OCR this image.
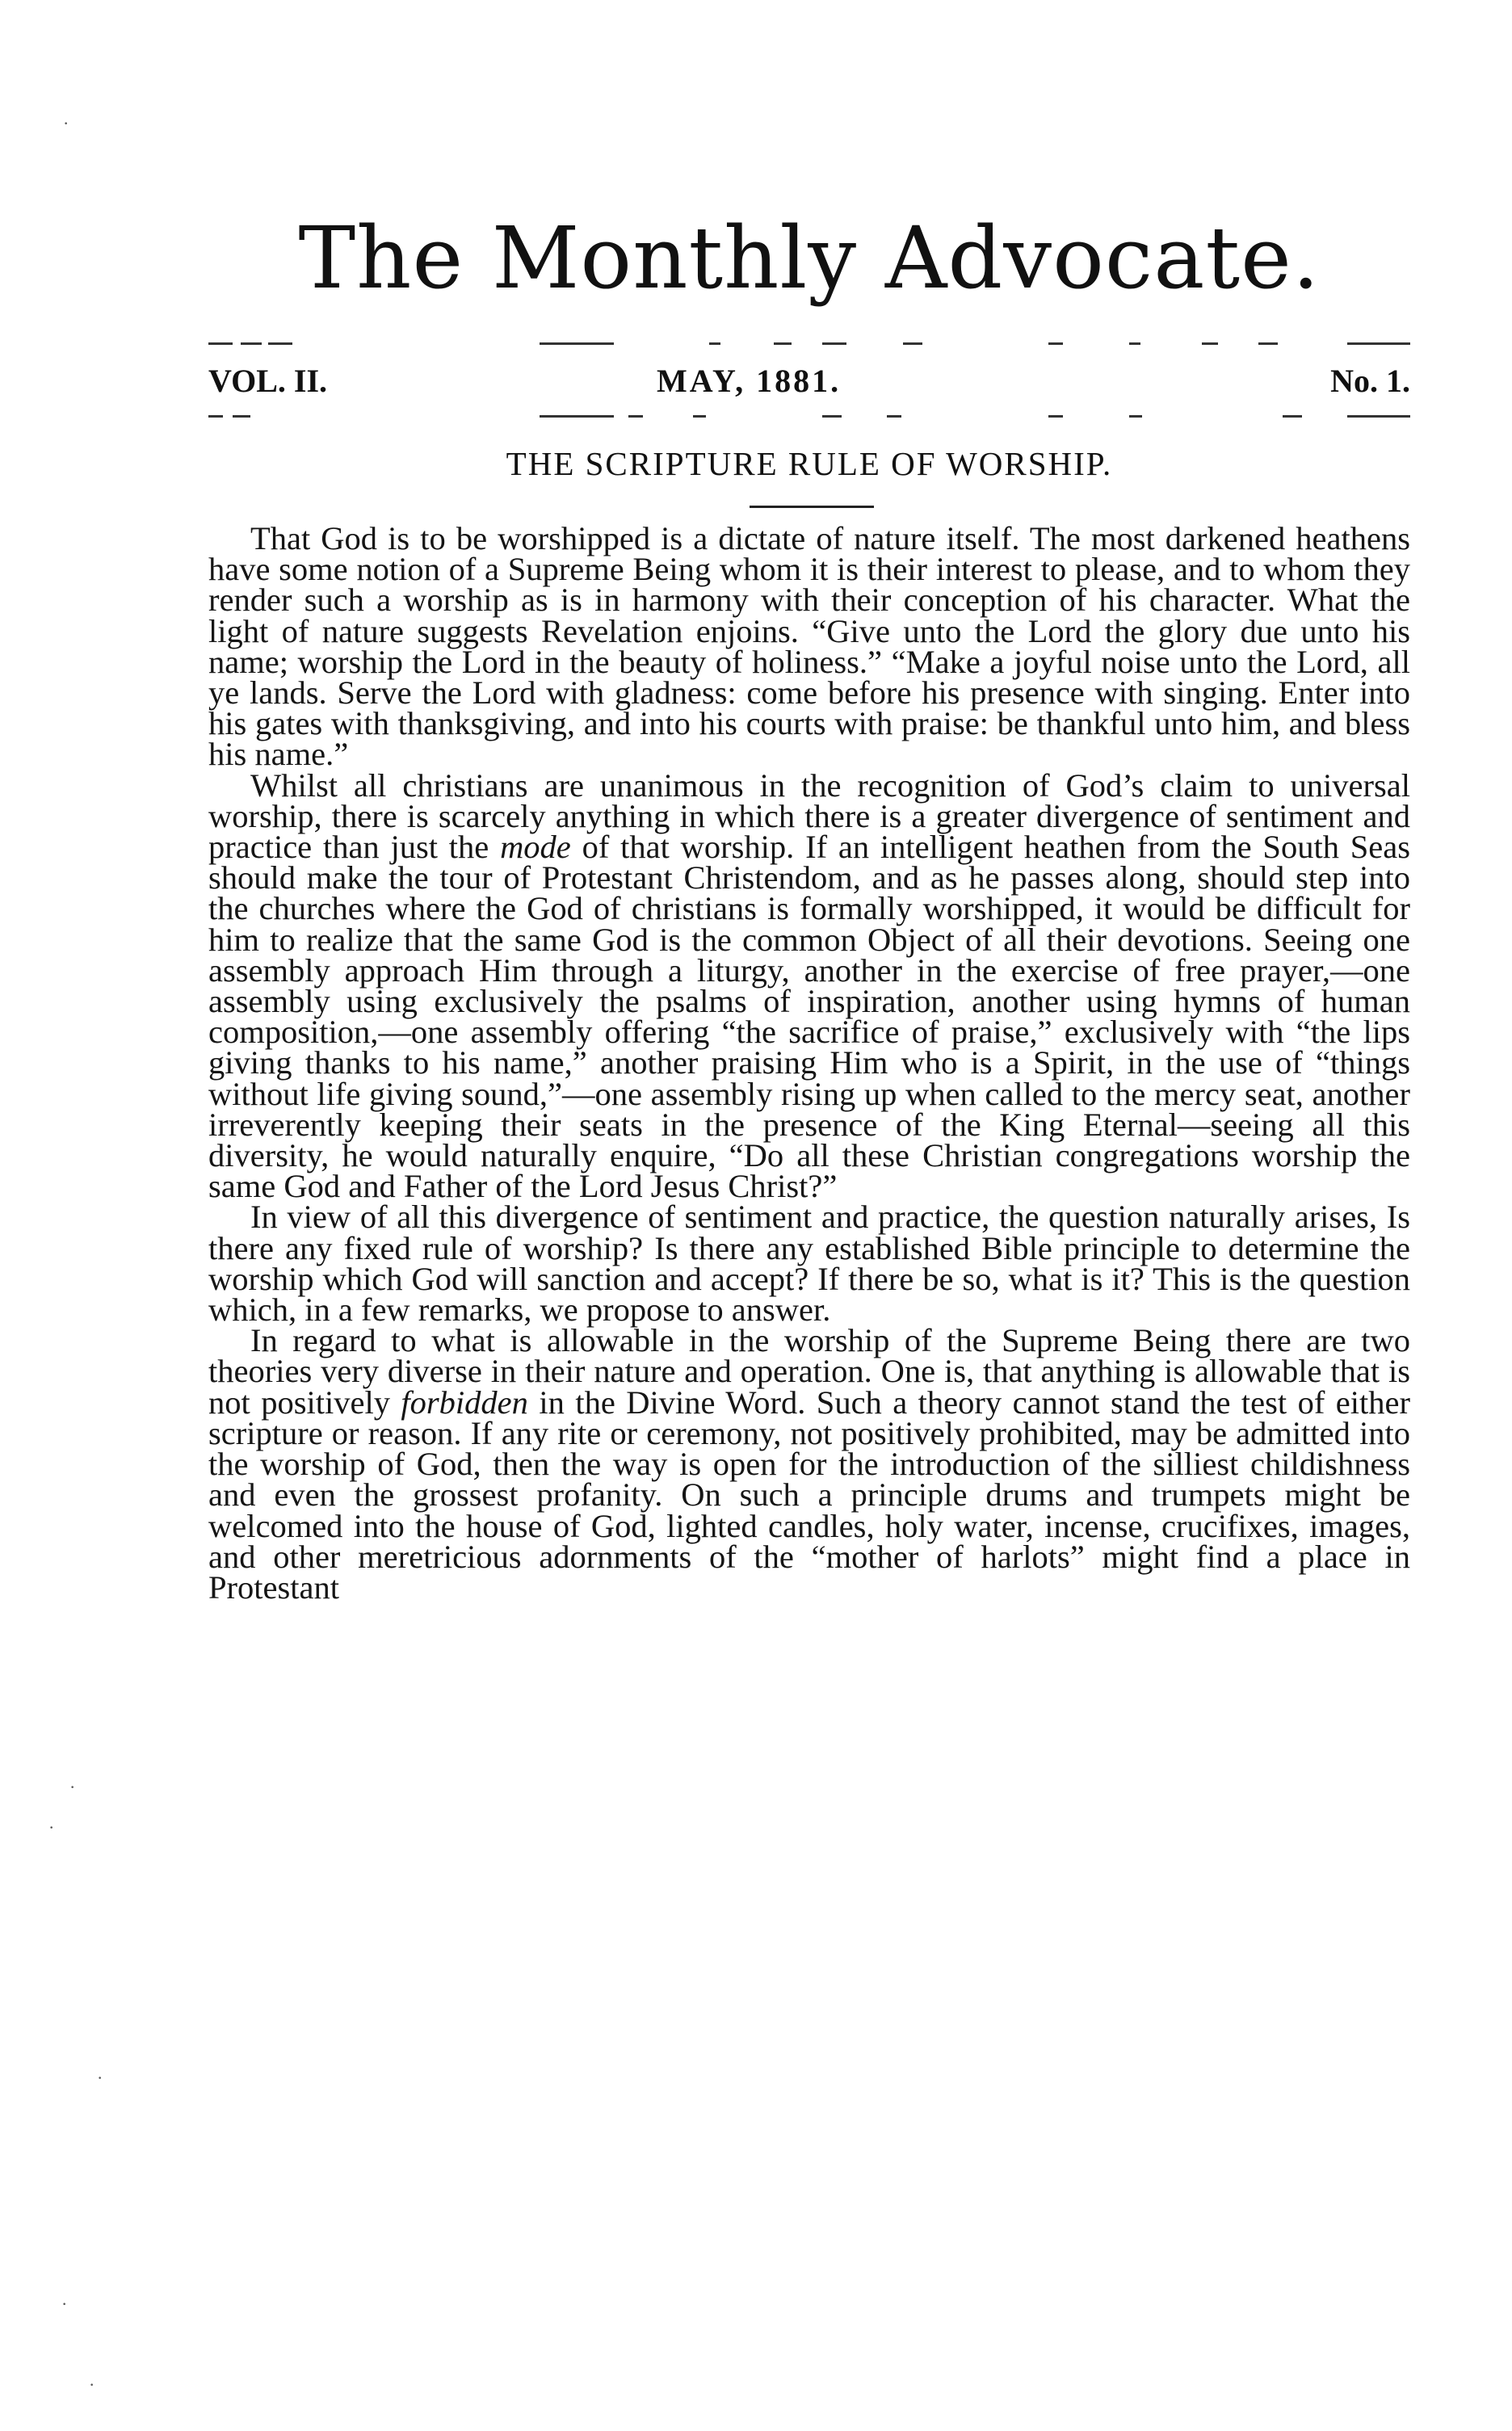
The Monthly Advocate.
VOL. II.	MAY, 1881.	No. 1.
THE SCRIPTURE RULE OF WORSHIP.

That God is to be worshipped is a dictate of nature itself. The most darkened heathens have some notion of a Supreme Being whom it is their interest to please, and to whom they render such a worship as is in harmony with their conception of his character. What the light of nature suggests Revelation enjoins. “Give unto the Lord the glory due unto his name; worship the Lord in the beauty of holiness.” “Make a joyful noise unto the Lord, all ye lands. Serve the Lord with gladness: come before his presence with singing. Enter into his gates with thanksgiving, and into his courts with praise: be thankful unto him, and bless his name.”

Whilst all christians are unanimous in the recognition of God’s claim to universal worship, there is scarcely anything in which there is a greater divergence of sentiment and practice than just the mode of that worship. If an intelligent heathen from the South Seas should make the tour of Protestant Christendom, and as he passes along, should step into the churches where the God of christians is formally worshipped, it would be difficult for him to realize that the same God is the common Object of all their devotions. Seeing one assembly approach Him through a liturgy, another in the exercise of free prayer,—one assembly using exclusively the psalms of inspiration, another using hymns of human composition,—one assembly offering “the sacrifice of praise,” exclusively with “the lips giving thanks to his name,” another praising Him who is a Spirit, in the use of “things without life giving sound,”—one assembly rising up when called to the mercy seat, another irreverently keeping their seats in the presence of the King Eternal—seeing all this diversity, he would naturally enquire, “Do all these Christian congregations worship the same God and Father of the Lord Jesus Christ?”

In view of all this divergence of sentiment and practice, the question naturally arises, Is there any fixed rule of worship? Is there any established Bible principle to determine the worship which God will sanction and accept? If there be so, what is it? This is the question which, in a few remarks, we propose to answer.

In regard to what is allowable in the worship of the Supreme Being there are two theories very diverse in their nature and operation. One is, that anything is allowable that is not positively forbidden in the Divine Word. Such a theory cannot stand the test of either scripture or reason. If any rite or ceremony, not positively prohibited, may be admitted into the worship of God, then the way is open for the introduction of the silliest childishness and even the grossest profanity. On such a principle drums and trumpets might be welcomed into the house of God, lighted candles, holy water, incense, crucifixes, images, and other meretricious adornments of the “mother of harlots” might find a place in Protestant

·
·
·
·
·
·
